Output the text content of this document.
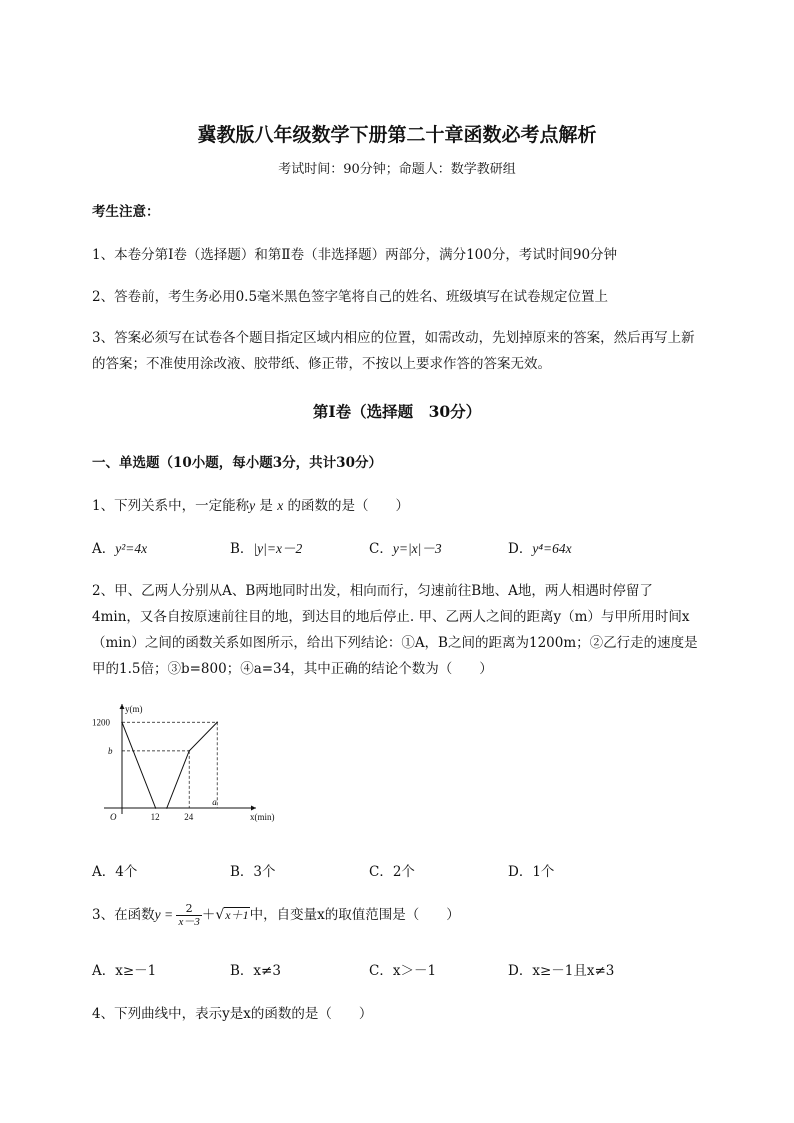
冀教版八年级数学下册第二十章函数必考点解析
考试时间：90分钟；命题人：数学教研组
考生注意：
1、本卷分第I卷（选择题）和第Ⅱ卷（非选择题）两部分，满分100分，考试时间90分钟
2、答卷前，考生务必用0.5毫米黑色签字笔将自己的姓名、班级填写在试卷规定位置上
3、答案必须写在试卷各个题目指定区域内相应的位置，如需改动，先划掉原来的答案，然后再写上新
的答案；不准使用涂改液、胶带纸、修正带，不按以上要求作答的答案无效。
第I卷（选择题　30分）
一、单选题（10小题，每小题3分，共计30分）
1、下列关系中，一定能称y 是 x 的函数的是（　　）
A．y²=4x	B．|y|=x－2	C．y=|x|－3	D．y⁴=64x
2、甲、乙两人分别从A、B两地同时出发，相向而行，匀速前往B地、A地，两人相遇时停留了
4min，又各自按原速前往目的地，到达目的地后停止. 甲、乙两人之间的距离y（m）与甲所用时间x
（min）之间的函数关系如图所示，给出下列结论：①A，B之间的距离为1200m；②乙行走的速度是
甲的1.5倍；③b=800；④a=34，其中正确的结论个数为（　　）
y(m)
x(min)
O	12	24
a
1200
b
A．4个	B．3个	C．2个	D．1个
3、在函数$y = \frac{2}{x-3} +√x+1$中，自变量x的取值范围是（　　）
A．x≥－1	B．x≠3	C．x＞－1	D．x≥－1且x≠3
4、下列曲线中，表示y是x的函数的是（　　）
